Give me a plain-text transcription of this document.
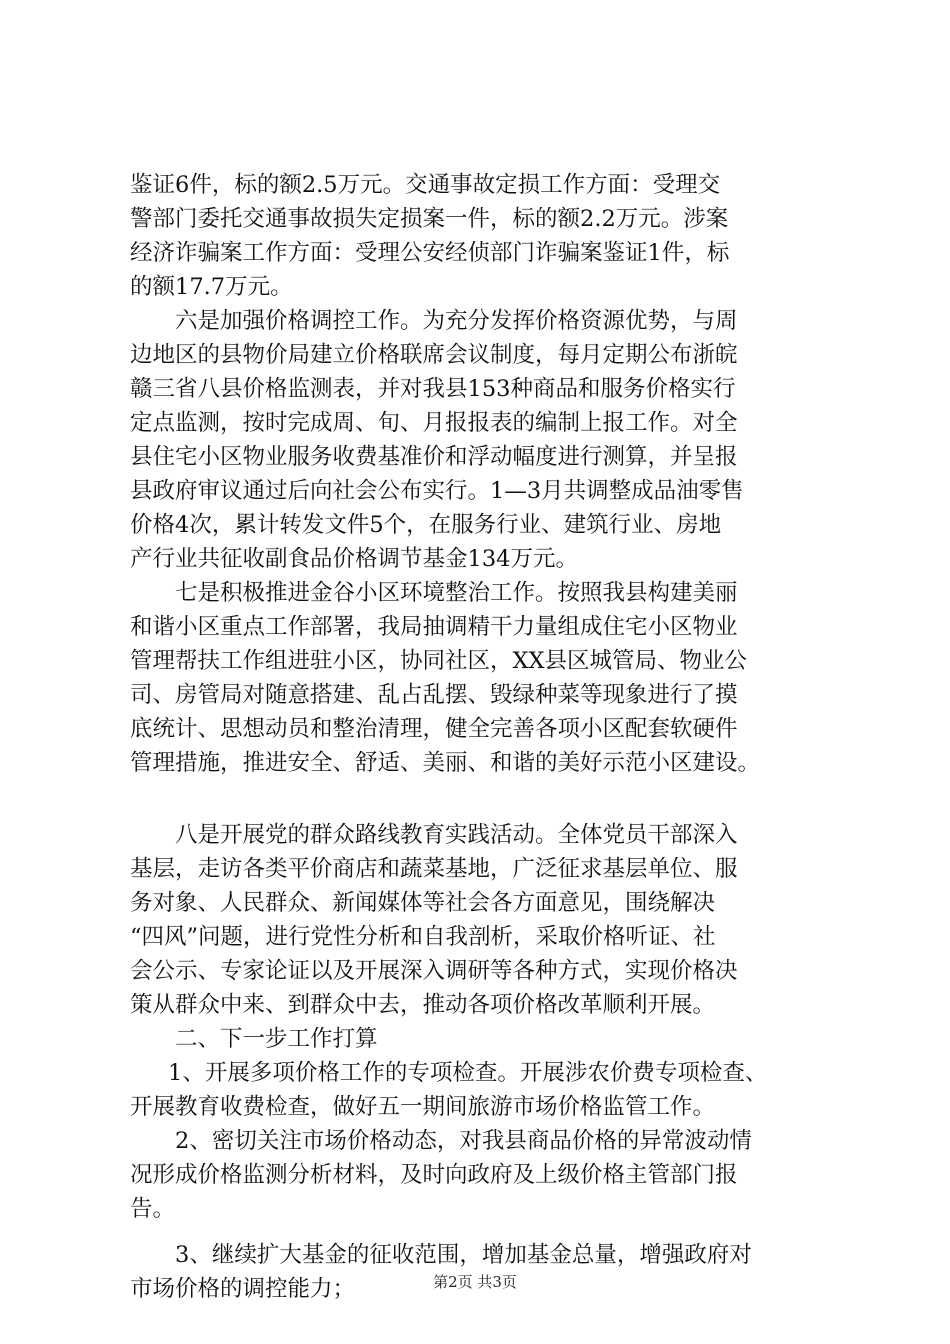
鉴证6件，标的额2.5万元。交通事故定损工作方面：受理交
警部门委托交通事故损失定损案一件，标的额2.2万元。涉案
经济诈骗案工作方面：受理公安经侦部门诈骗案鉴证1件，标
的额17.7万元。
六是加强价格调控工作。为充分发挥价格资源优势，与周
边地区的县物价局建立价格联席会议制度，每月定期公布浙皖
赣三省八县价格监测表，并对我县153种商品和服务价格实行
定点监测，按时完成周、旬、月报报表的编制上报工作。对全
县住宅小区物业服务收费基准价和浮动幅度进行测算，并呈报
县政府审议通过后向社会公布实行。1—3月共调整成品油零售
价格4次，累计转发文件5个，在服务行业、建筑行业、房地
产行业共征收副食品价格调节基金134万元。
七是积极推进金谷小区环境整治工作。按照我县构建美丽
和谐小区重点工作部署，我局抽调精干力量组成住宅小区物业
管理帮扶工作组进驻小区，协同社区，XX县区城管局、物业公
司、房管局对随意搭建、乱占乱摆、毁绿种菜等现象进行了摸
底统计、思想动员和整治清理，健全完善各项小区配套软硬件
管理措施，推进安全、舒适、美丽、和谐的美好示范小区建设。
八是开展党的群众路线教育实践活动。全体党员干部深入
基层，走访各类平价商店和蔬菜基地，广泛征求基层单位、服
务对象、人民群众、新闻媒体等社会各方面意见，围绕解决
“四风”问题，进行党性分析和自我剖析，采取价格听证、社
会公示、专家论证以及开展深入调研等各种方式，实现价格决
策从群众中来、到群众中去，推动各项价格改革顺利开展。
二、下一步工作打算
1、开展多项价格工作的专项检查。开展涉农价费专项检查、
开展教育收费检查，做好五一期间旅游市场价格监管工作。
2、密切关注市场价格动态，对我县商品价格的异常波动情
况形成价格监测分析材料，及时向政府及上级价格主管部门报
告。
3、继续扩大基金的征收范围，增加基金总量，增强政府对
市场价格的调控能力；	第2页 共3页
